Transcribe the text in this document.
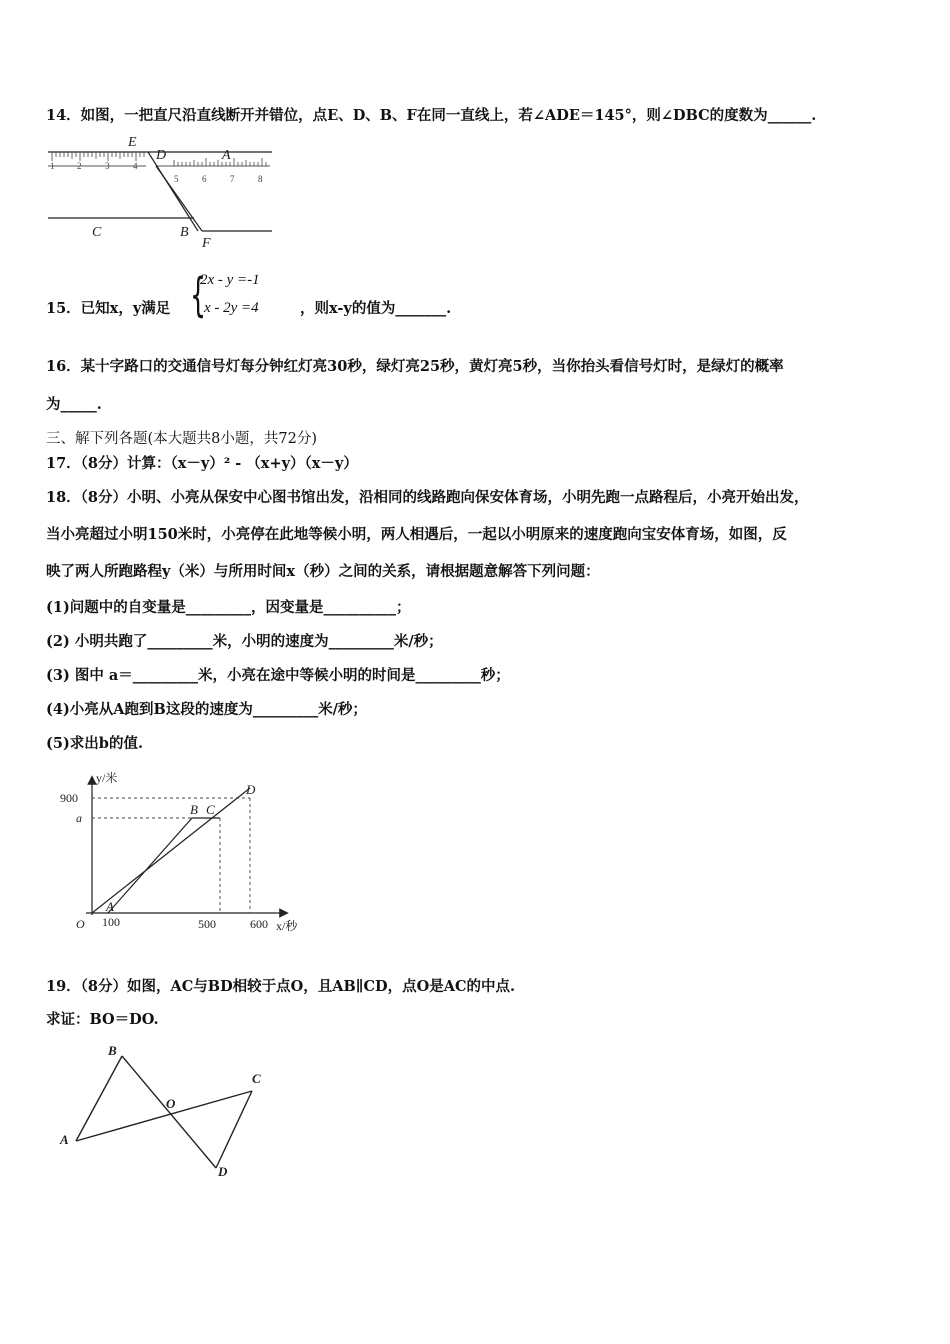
14．如图，一把直尺沿直线断开并错位，点E、D、B、F在同一直线上，若∠ADE＝145°，则∠DBC的度数为______.
1	2	3	4
5	6	7	8
E
D	A
C	B
F
15．已知x，y满足 {
2x - y =-1
x - 2y =4	，则x-y的值为_______.
16．某十字路口的交通信号灯每分钟红灯亮30秒，绿灯亮25秒，黄灯亮5秒，当你抬头看信号灯时，是绿灯的概率
为_____.
三、解下列各题(本大题共8小题，共72分)
17．（8分）计算：（x－y）² - （x+y）（x－y）
18．（8分）小明、小亮从保安中心图书馆出发，沿相同的线路跑向保安体育场，小明先跑一点路程后，小亮开始出发，
当小亮超过小明150米时，小亮停在此地等候小明，两人相遇后，一起以小明原来的速度跑向宝安体育场，如图，反
映了两人所跑路程y（米）与所用时间x（秒）之间的关系，请根据题意解答下列问题：
(1)问题中的自变量是_________，因变量是__________；
(2) 小明共跑了_________米，小明的速度为_________米/秒；
(3) 图中 a＝_________米，小亮在途中等候小明的时间是_________秒；
(4)小亮从A跑到B这段的速度为_________米/秒；
(5)求出b的值.
900
a
100	500	600
O
y/米
x/秒
A
B C
D
19．（8分）如图，AC与BD相较于点O，且AB∥CD，点O是AC的中点.
求证：BO＝DO.
B
C
O
A
D
